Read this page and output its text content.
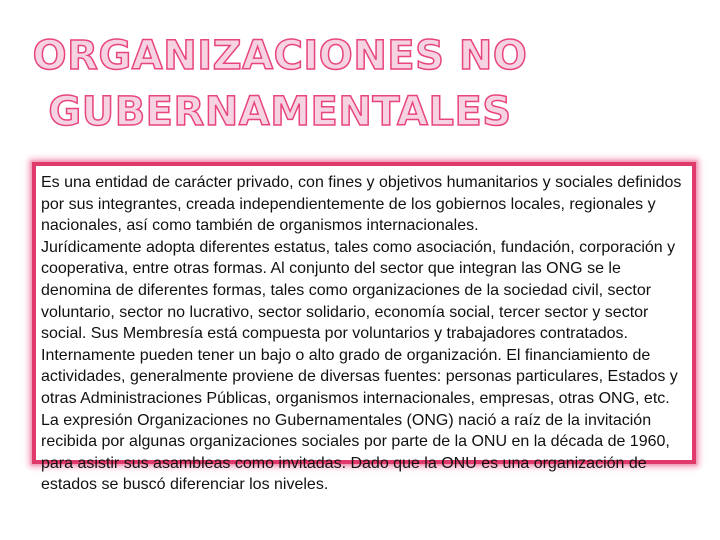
ORGANIZACIONES NO
GUBERNAMENTALES

Es una entidad de carácter privado, con fines y objetivos humanitarios y sociales definidos por sus integrantes, creada independientemente de los gobiernos locales, regionales y nacionales, así como también de organismos internacionales.

Jurídicamente adopta diferentes estatus, tales como asociación, fundación, corporación y cooperativa, entre otras formas. Al conjunto del sector que integran las ONG se le denomina de diferentes formas, tales como organizaciones de la sociedad civil, sector voluntario, sector no lucrativo, sector solidario, economía social, tercer sector y sector social. Sus Membresía está compuesta por voluntarios y trabajadores contratados. Internamente pueden tener un bajo o alto grado de organización. El financiamiento de actividades, generalmente proviene de diversas fuentes: personas particulares, Estados y otras Administraciones Públicas, organismos internacionales, empresas, otras ONG, etc.

La expresión Organizaciones no Gubernamentales (ONG) nació a raíz de la invitación recibida por algunas organizaciones sociales por parte de la ONU en la década de 1960, para asistir sus asambleas como invitadas. Dado que la ONU es una organización de estados se buscó diferenciar los niveles.
